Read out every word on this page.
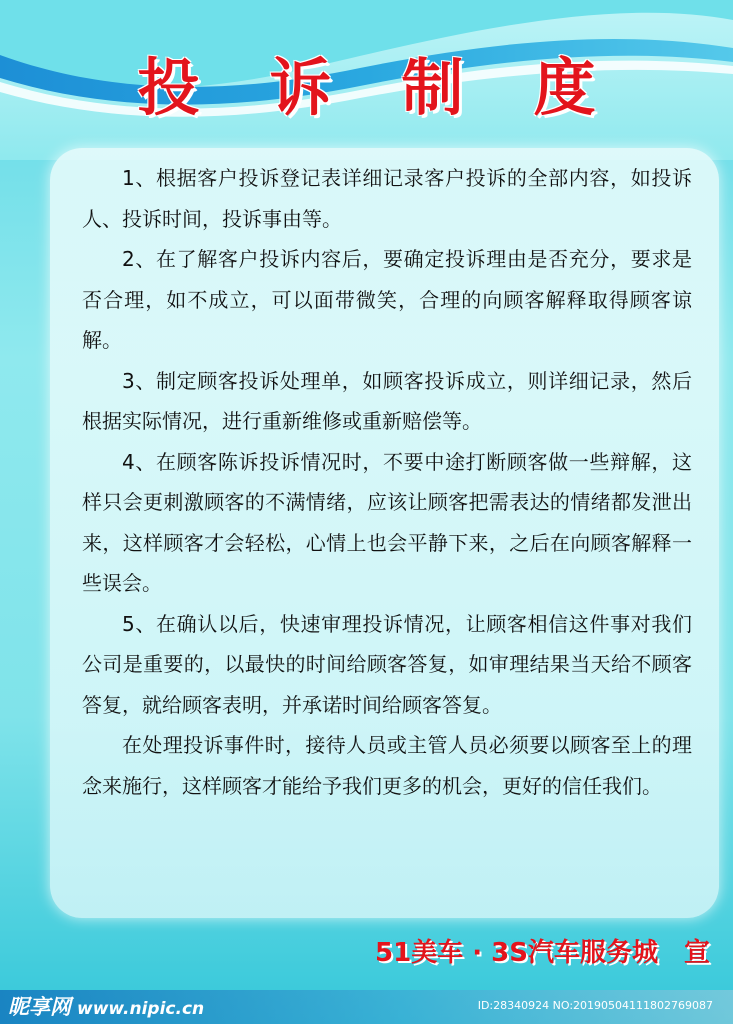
投诉制度

1、根据客户投诉登记表详细记录客户投诉的全部内容，如投诉人、投诉时间，投诉事由等。

2、在了解客户投诉内容后，要确定投诉理由是否充分，要求是否合理，如不成立，可以面带微笑，合理的向顾客解释取得顾客谅解。

3、制定顾客投诉处理单，如顾客投诉成立，则详细记录，然后根据实际情况，进行重新维修或重新赔偿等。

4、在顾客陈诉投诉情况时，不要中途打断顾客做一些辩解，这样只会更刺激顾客的不满情绪，应该让顾客把需表达的情绪都发泄出来，这样顾客才会轻松，心情上也会平静下来，之后在向顾客解释一些误会。

5、在确认以后，快速审理投诉情况，让顾客相信这件事对我们公司是重要的，以最快的时间给顾客答复，如审理结果当天给不顾客答复，就给顾客表明，并承诺时间给顾客答复。

在处理投诉事件时，接待人员或主管人员必须要以顾客至上的理念来施行，这样顾客才能给予我们更多的机会，更好的信任我们。

51美车 · 3S汽车服务城　宣
昵享网 www.nipic.cn	ID:28340924 NO:20190504111802769087
